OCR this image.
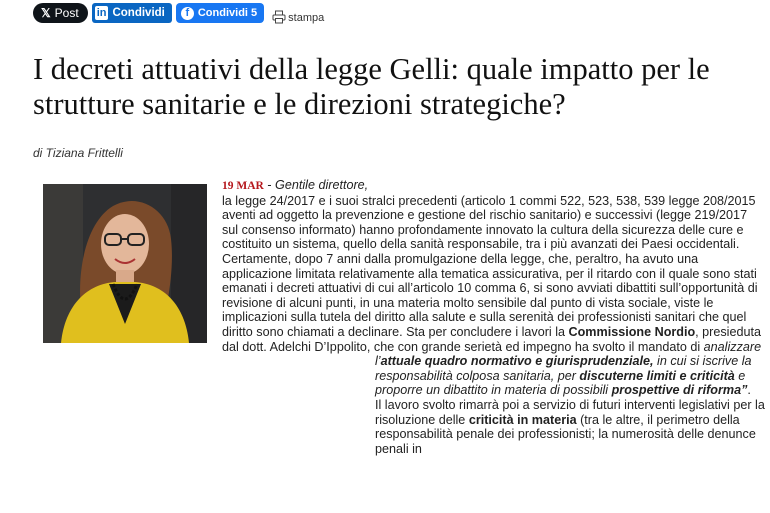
𝕏 Post in Condividi	f Condividi 5	stampa
I decreti attuativi della legge Gelli: quale impatto per le strutture sanitarie e le direzioni strategiche?
di Tiziana Frittelli

19 MAR - Gentile direttore,
la legge 24/2017 e i suoi stralci precedenti (articolo 1 commi 522, 523, 538, 539 legge 208/2015 aventi ad oggetto la prevenzione e gestione del rischio sanitario) e successivi (legge 219/2017 sul consenso informato) hanno profondamente innovato la cultura della sicurezza delle cure e costituito un sistema, quello della sanità responsabile, tra i più avanzati dei Paesi occidentali. Certamente, dopo 7 anni dalla promulgazione della legge, che, peraltro, ha avuto una applicazione limitata relativamente alla tematica assicurativa, per il ritardo con il quale sono stati emanati i decreti attuativi di cui all’articolo 10 comma 6, si sono avviati dibattiti sull’opportunità di revisione di alcuni punti, in una materia molto sensibile dal punto di vista sociale, viste le implicazioni sulla tutela del diritto alla salute e sulla serenità dei professionisti sanitari che quel diritto sono chiamati a declinare. Sta per concludere i lavori la Commissione Nordio, presieduta dal dott. Adelchi D’Ippolito, che con grande serietà ed impegno ha svolto il mandato di analizzare l’attuale quadro normativo e giurisprudenziale, in cui si iscrive la responsabilità colposa sanitaria, per discuterne limiti e criticità e proporre un dibattito in materia di possibili prospettive di riforma”.
Il lavoro svolto rimarrà poi a servizio di futuri interventi legislativi per la risoluzione delle criticità in materia (tra le altre, il perimetro della responsabilità penale dei professionisti; la numerosità delle denunce penali in
